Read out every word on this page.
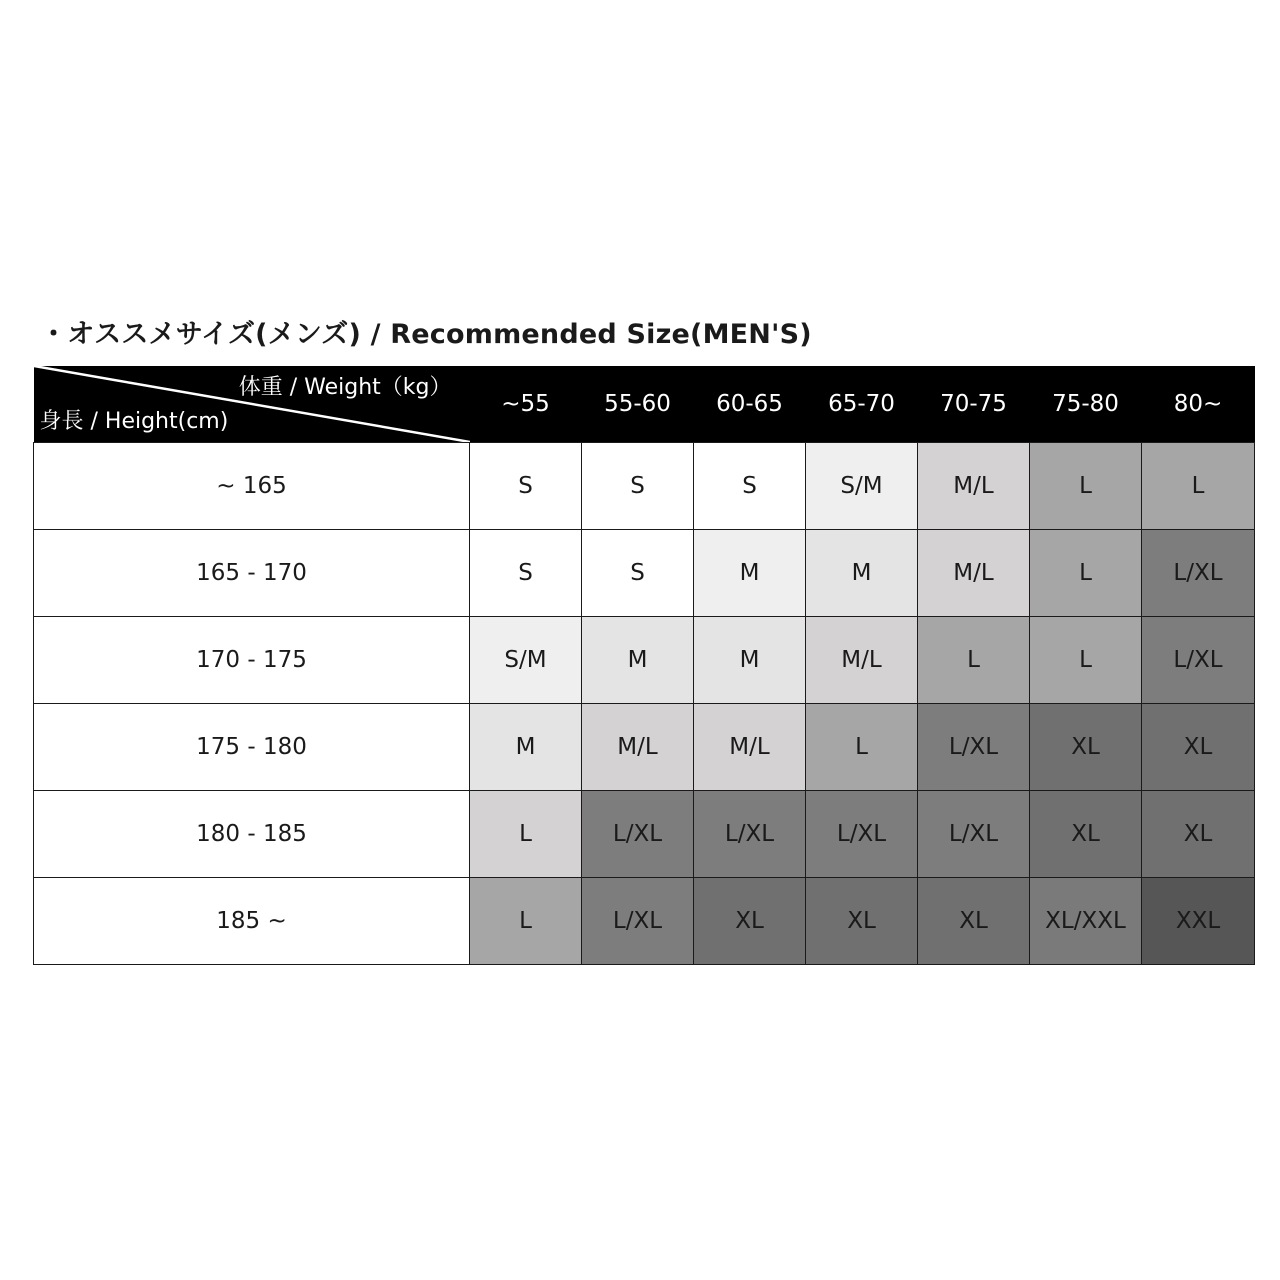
・オススメサイズ(メンズ) / Recommended Size(MEN'S)
体重 / Weight（kg）
身長 / Height(cm)	~55	55-60	60-65	65-70	70-75	75-80	80~
~ 165	S	S	S	S/M	M/L	L	L
165 - 170	S	S	M	M	M/L	L	L/XL
170 - 175	S/M	M	M	M/L	L	L	L/XL
175 - 180	M	M/L	M/L	L	L/XL	XL	XL
180 - 185	L	L/XL	L/XL	L/XL	L/XL	XL	XL
185 ~	L	L/XL	XL	XL	XL	XL/XXL	XXL
